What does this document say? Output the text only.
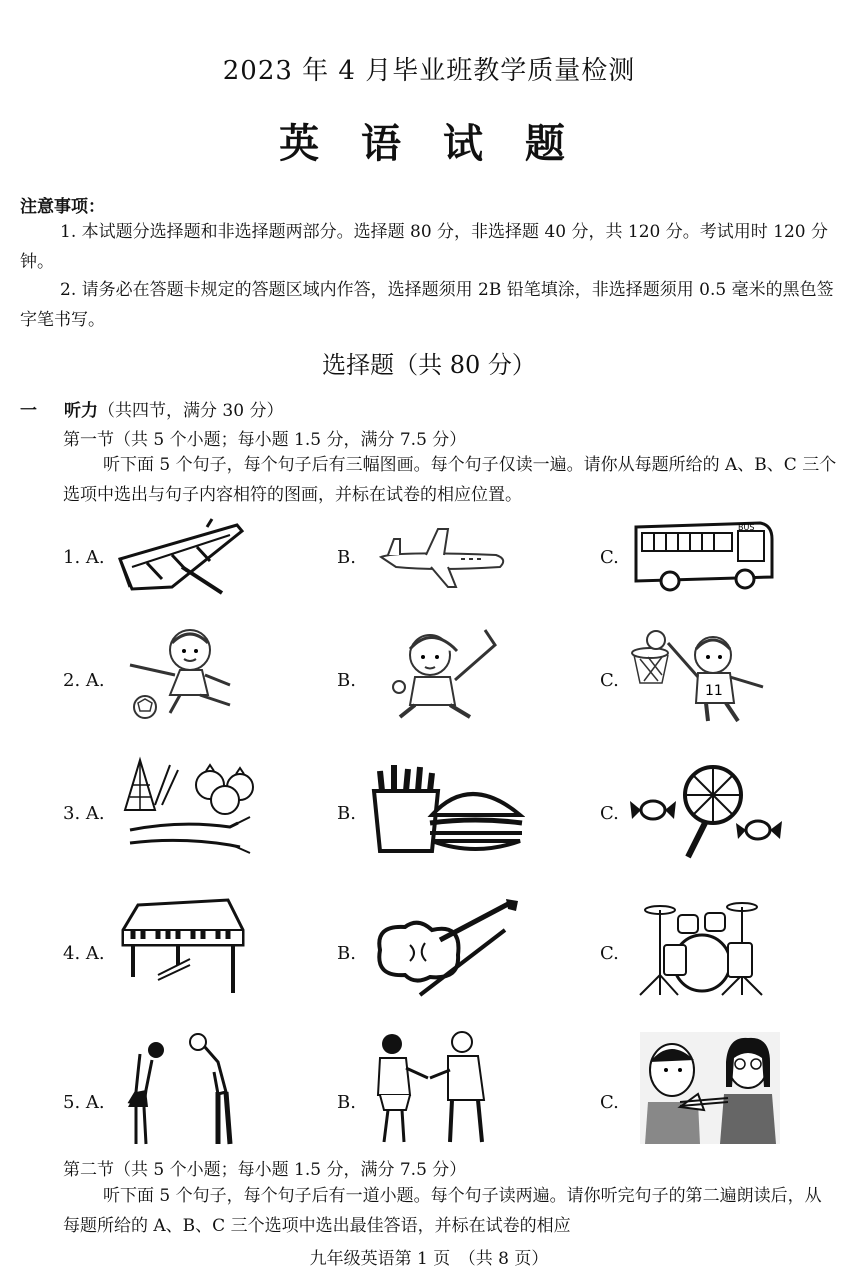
2023 年 4 月毕业班教学质量检测
英 语 试 题
注意事项：
1. 本试题分选择题和非选择题两部分。选择题 80 分，非选择题 40 分，共 120 分。考试用时 120 分钟。
2. 请务必在答题卡规定的答题区域内作答，选择题须用 2B 铅笔填涂，非选择题须用 0.5 毫米的黑色签字笔书写。
选择题（共 80 分）
一 听力（共四节，满分 30 分）
第一节（共 5 个小题；每小题 1.5 分，满分 7.5 分）
听下面 5 个句子，每个句子后有三幅图画。每个句子仅读一遍。请你从每题所给的 A、B、C 三个选项中选出与句子内容相符的图画，并标在试卷的相应位置。
1. A.	B.	C.
BUS
2. A.	B.	C.	11
3. A.	B.	C.
4. A.	B.	C.
5. A.	B.	C.
第二节（共 5 个小题；每小题 1.5 分，满分 7.5 分）
听下面 5 个句子，每个句子后有一道小题。每个句子读两遍。请你听完句子的第二遍朗读后，从每题所给的 A、B、C 三个选项中选出最佳答语，并标在试卷的相应
九年级英语第 1 页　（共 8 页）
